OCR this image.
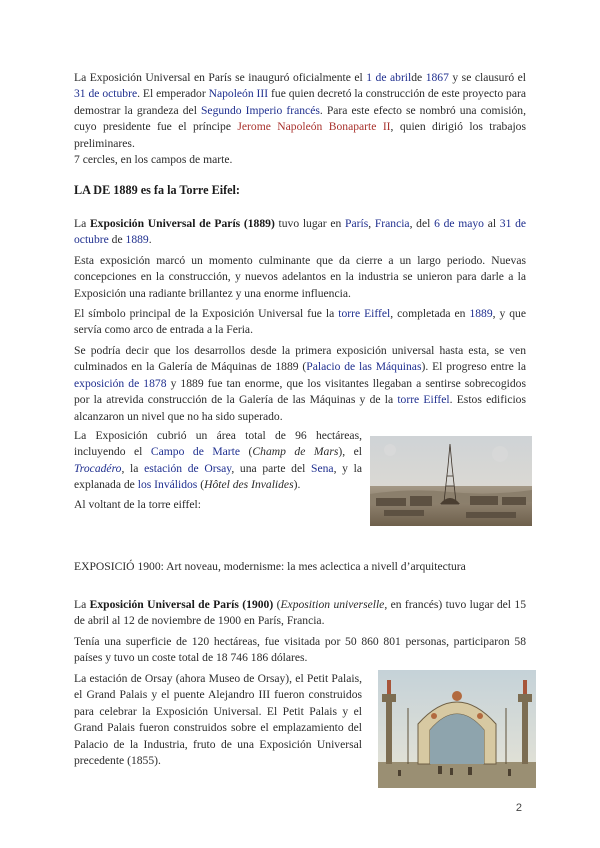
La Exposición Universal en París se inauguró oficialmente el 1 de abrilde 1867 y se clausuró el 31 de octubre. El emperador Napoleón III fue quien decretó la construcción de este proyecto para demostrar la grandeza del Segundo Imperio francés. Para este efecto se nombró una comisión, cuyo presidente fue el príncipe Jerome Napoleón Bonaparte II, quien dirigió los trabajos preliminares.

7 cercles, en los campos de marte.

LA DE 1889 es fa la Torre Eifel:

La Exposición Universal de París (1889) tuvo lugar en París, Francia, del 6 de mayo al 31 de octubre de 1889.

Esta exposición marcó un momento culminante que da cierre a un largo periodo. Nuevas concepciones en la construcción, y nuevos adelantos en la industria se unieron para darle a la Exposición una radiante brillantez y una enorme influencia.

El símbolo principal de la Exposición Universal fue la torre Eiffel, completada en 1889, y que servía como arco de entrada a la Feria.

Se podría decir que los desarrollos desde la primera exposición universal hasta esta, se ven culminados en la Galería de Máquinas de 1889 (Palacio de las Máquinas). El progreso entre la exposición de 1878 y 1889 fue tan enorme, que los visitantes llegaban a sentirse sobrecogidos por la atrevida construcción de la Galería de las Máquinas y de la torre Eiffel. Estos edificios alcanzaron un nivel que no ha sido superado.

La Exposición cubrió un área total de 96 hectáreas, incluyendo el Campo de Marte (Champ de Mars), el Trocadéro, la estación de Orsay, una parte del Sena, y la explanada de los Inválidos (Hôtel des Invalides).

Al voltant de la torre eiffel:

EXPOSICIÓ 1900: Art noveau, modernisme: la mes aclectica a nivell d’arquitectura

La Exposición Universal de París (1900) (Exposition universelle, en francés) tuvo lugar del 15 de abril al 12 de noviembre de 1900 en París, Francia.

Tenía una superficie de 120 hectáreas, fue visitada por 50 860 801 personas, participaron 58 países y tuvo un coste total de 18 746 186 dólares.

La estación de Orsay (ahora Museo de Orsay), el Petit Palais, el Grand Palais y el puente Alejandro III fueron construidos para celebrar la Exposición Universal. El Petit Palais y el Grand Palais fueron construidos sobre el emplazamiento del Palacio de la Industria, fruto de una Exposición Universal precedente (1855).

2
